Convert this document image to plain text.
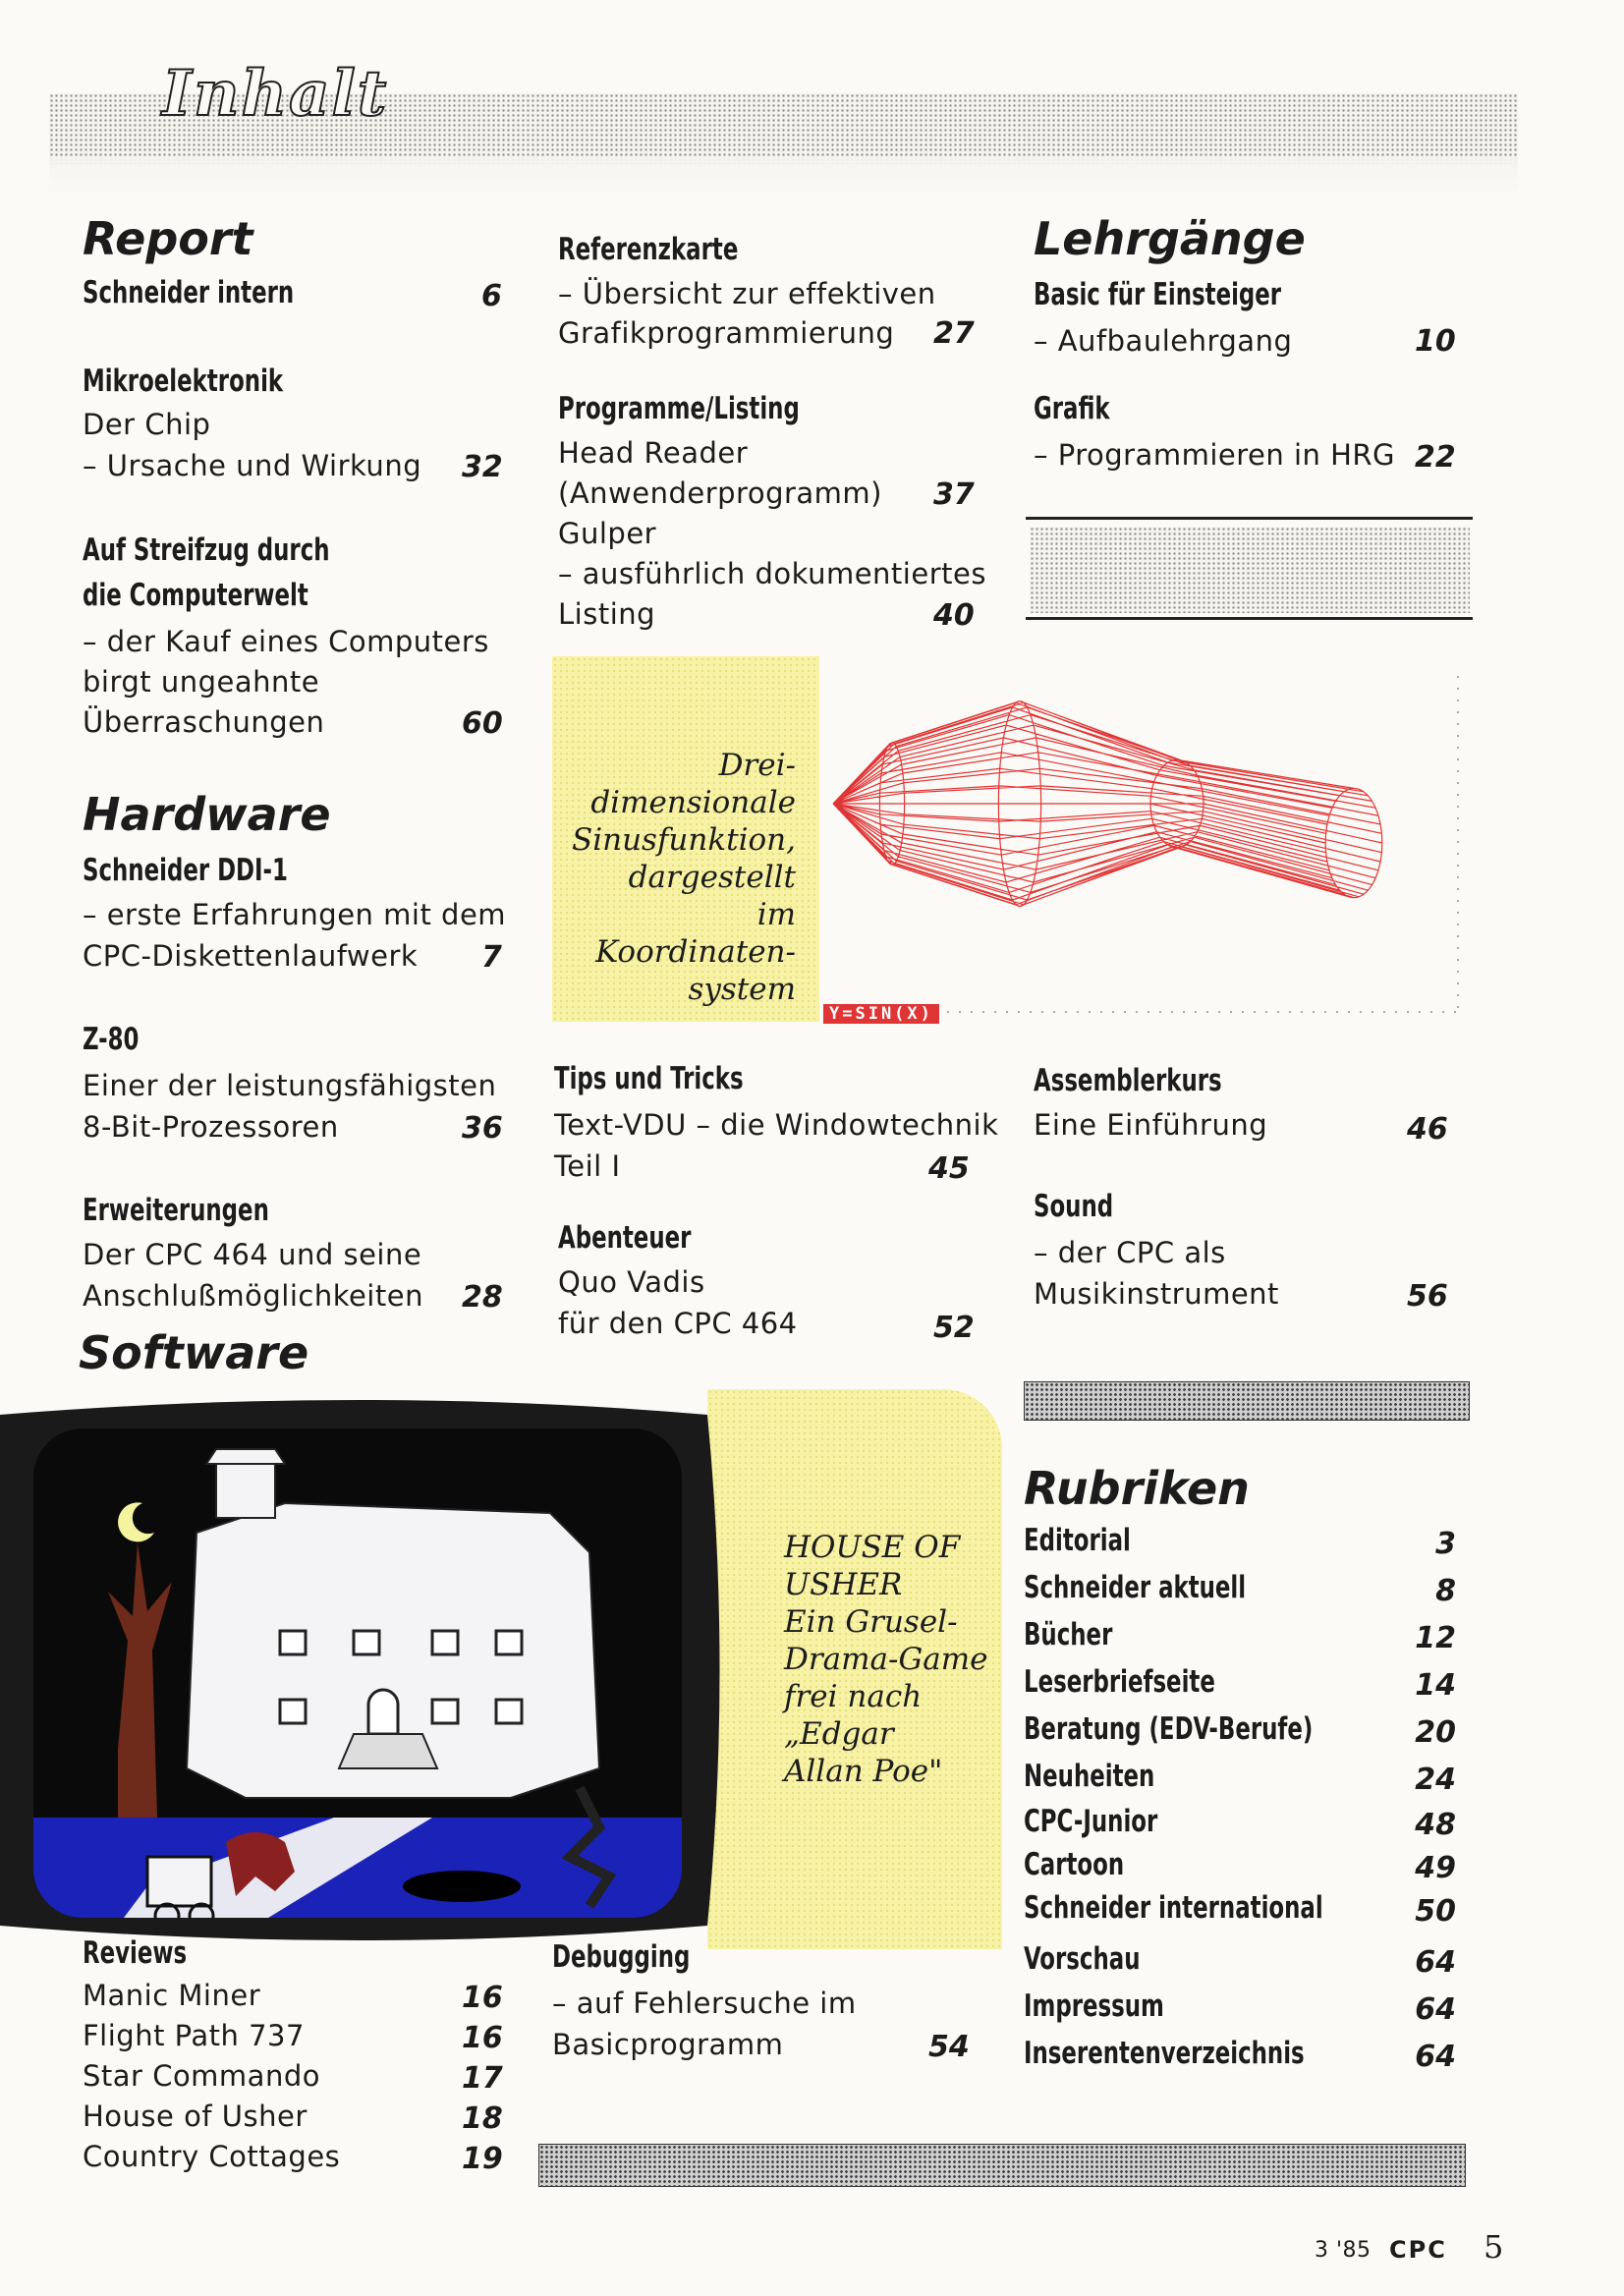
Inhalt
Report
Schneider intern	6
Mikroelektronik
Der Chip
– Ursache und Wirkung 32
Auf Streifzug durch
die Computerwelt
– der Kauf eines Computers
birgt ungeahnte
Überraschungen	60
Hardware
Schneider DDI-1
– erste Erfahrungen mit dem
CPC-Diskettenlaufwerk 7
Z-80
Einer der leistungsfähigsten
8-Bit-Prozessoren	36
Erweiterungen
Der CPC 464 und seine
Anschlußmöglichkeiten 28
Software
HOUSE OF
USHER
Ein Grusel-
Drama-Game
frei nach
„Edgar
Allan Poe"
Reviews
Manic Miner	16
Flight Path 737	16
Star Commando	17
House of Usher	18
Country Cottages	19
Referenzkarte
– Übersicht zur effektiven
Grafikprogrammierung 27
Programme/Listing
Head Reader
(Anwenderprogramm) 37
Gulper
– ausführlich dokumentiertes
Listing	40
Drei-
dimensionale
Sinusfunktion,
dargestellt
im Koordinaten-
system
Y=SIN(X)
Tips und Tricks
Text-VDU – die Windowtechnik
Teil I	45
Abenteuer
Quo Vadis
für den CPC 464	52
Debugging
– auf Fehlersuche im
Basicprogramm	54
Lehrgänge
Basic für Einsteiger
– Aufbaulehrgang	10
Grafik
– Programmieren in HRG 22
Assemblerkurs
Eine Einführung	46
Sound
– der CPC als
Musikinstrument	56
Rubriken
Editorial	3
Schneider aktuell	8
Bücher	12
Leserbriefseite	14
Beratung (EDV-Berufe)	20
Neuheiten	24
CPC-Junior	48
Cartoon	49
Schneider international	50
Vorschau	64
Impressum	64
Inserentenverzeichnis	64
3 '85 CPC 5
